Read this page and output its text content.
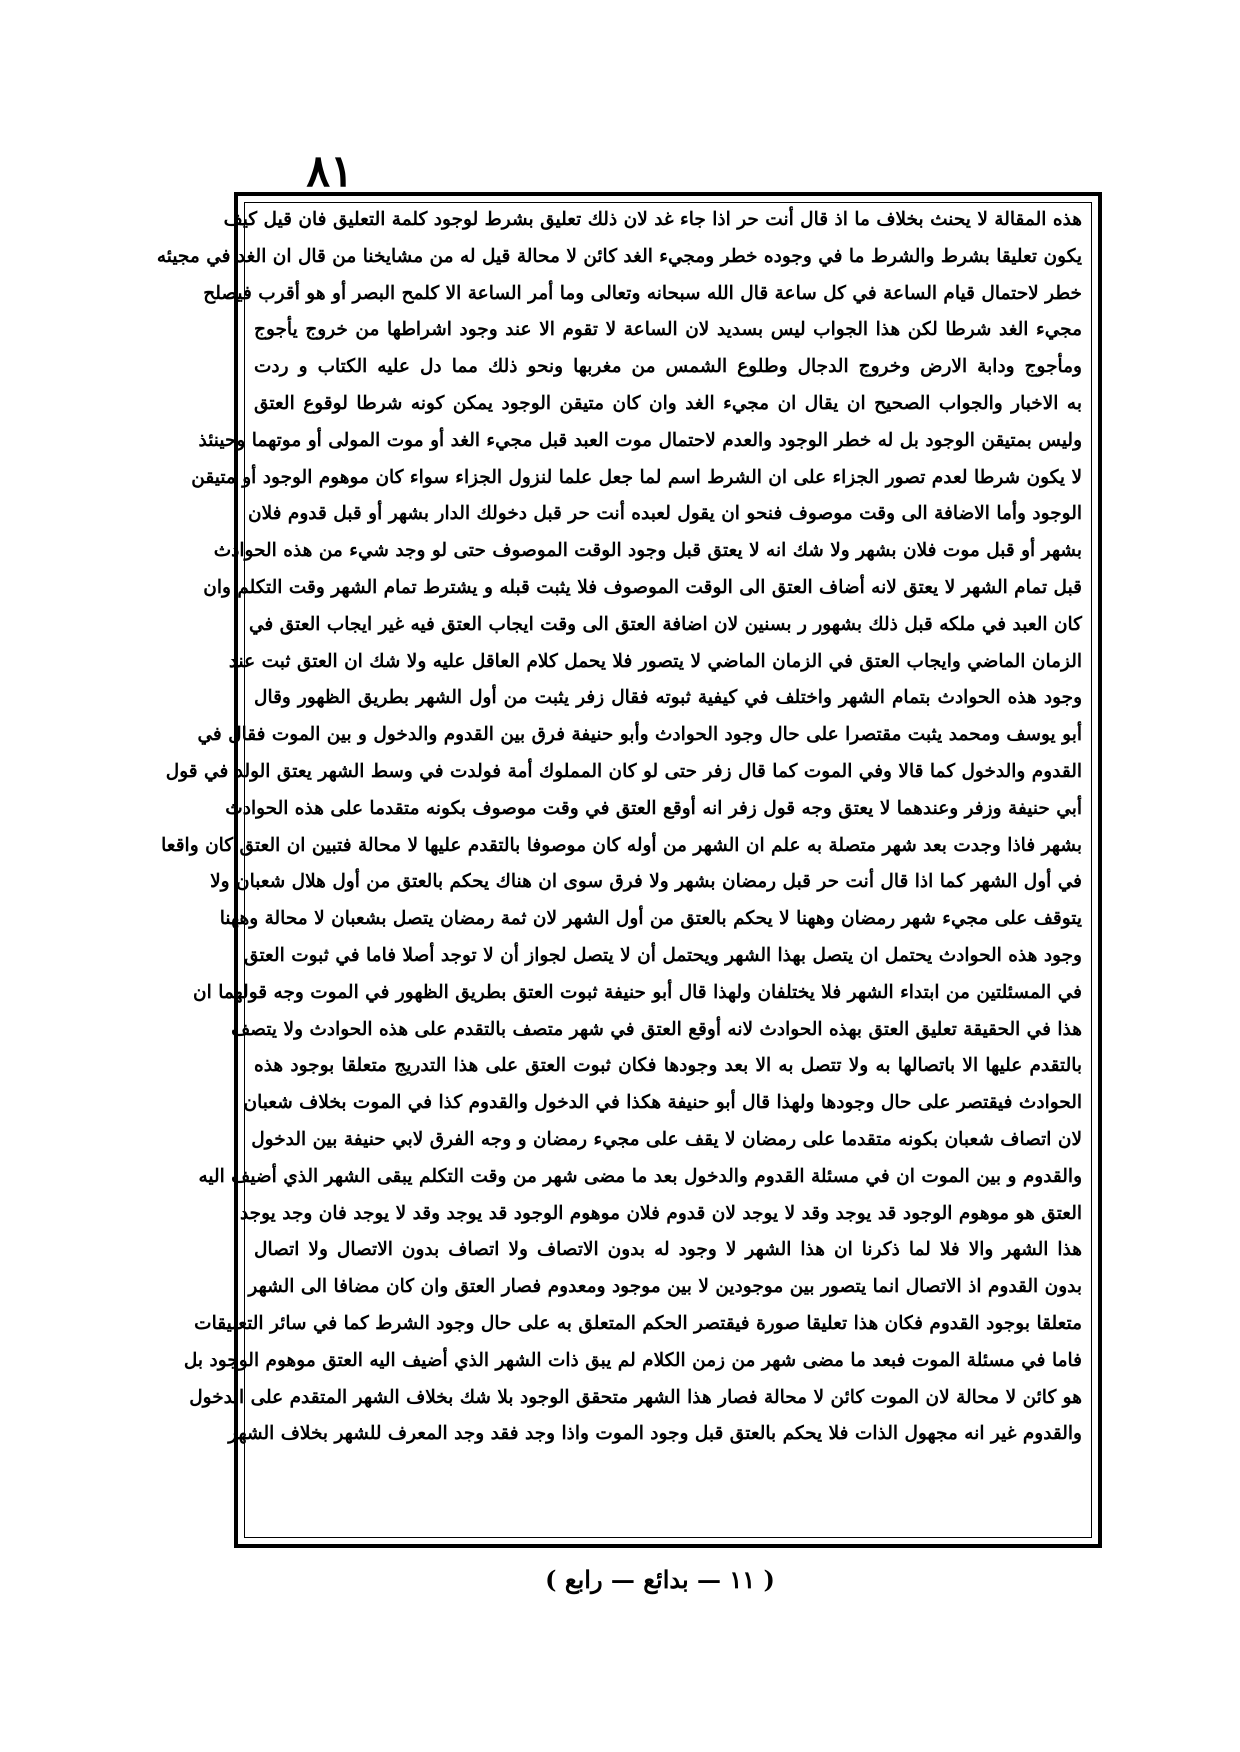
٨١
هذه المقالة لا يحنث بخلاف ما اذ قال أنت حر اذا جاء غد لان ذلك تعليق بشرط لوجود كلمة التعليق فان قيل كيف
يكون تعليقا بشرط والشرط ما في وجوده خطر ومجيء الغد كائن لا محالة قيل له من مشايخنا من قال ان الغد في مجيئه
خطر لاحتمال قيام الساعة في كل ساعة قال الله سبحانه وتعالى وما أمر الساعة الا كلمح البصر أو هو أقرب فيصلح
مجيء الغد شرطا لكن هذا الجواب ليس بسديد لان الساعة لا تقوم الا عند وجود اشراطها من خروج يأجوج
ومأجوج ودابة الارض وخروج الدجال وطلوع الشمس من مغربها ونحو ذلك مما دل عليه الكتاب و ردت
به الاخبار والجواب الصحيح ان يقال ان مجيء الغد وان كان متيقن الوجود يمكن كونه شرطا لوقوع العتق
وليس بمتيقن الوجود بل له خطر الوجود والعدم لاحتمال موت العبد قبل مجيء الغد أو موت المولى أو موتهما وحينئذ
لا يكون شرطا لعدم تصور الجزاء على ان الشرط اسم لما جعل علما لنزول الجزاء سواء كان موهوم الوجود أو متيقن
الوجود وأما الاضافة الى وقت موصوف فنحو ان يقول لعبده أنت حر قبل دخولك الدار بشهر أو قبل قدوم فلان
بشهر أو قبل موت فلان بشهر ولا شك انه لا يعتق قبل وجود الوقت الموصوف حتى لو وجد شيء من هذه الحوادث
قبل تمام الشهر لا يعتق لانه أضاف العتق الى الوقت الموصوف فلا يثبت قبله و يشترط تمام الشهر وقت التكلم وان
كان العبد في ملكه قبل ذلك بشهور ر بسنين لان اضافة العتق الى وقت ايجاب العتق فيه غير ايجاب العتق في
الزمان الماضي وايجاب العتق في الزمان الماضي لا يتصور فلا يحمل كلام العاقل عليه ولا شك ان العتق ثبت عند
وجود هذه الحوادث بتمام الشهر واختلف في كيفية ثبوته فقال زفر يثبت من أول الشهر بطريق الظهور وقال
أبو يوسف ومحمد يثبت مقتصرا على حال وجود الحوادث وأبو حنيفة فرق بين القدوم والدخول و بين الموت فقال في
القدوم والدخول كما قالا وفي الموت كما قال زفر حتى لو كان المملوك أمة فولدت في وسط الشهر يعتق الولد في قول
أبي حنيفة وزفر وعندهما لا يعتق وجه قول زفر انه أوقع العتق في وقت موصوف بكونه متقدما على هذه الحوادث
بشهر فاذا وجدت بعد شهر متصلة به علم ان الشهر من أوله كان موصوفا بالتقدم عليها لا محالة فتبين ان العتق كان واقعا
في أول الشهر كما اذا قال أنت حر قبل رمضان بشهر ولا فرق سوى ان هناك يحكم بالعتق من أول هلال شعبان ولا
يتوقف على مجيء شهر رمضان وههنا لا يحكم بالعتق من أول الشهر لان ثمة رمضان يتصل بشعبان لا محالة وههنا
وجود هذه الحوادث يحتمل ان يتصل بهذا الشهر ويحتمل أن لا يتصل لجواز أن لا توجد أصلا فاما في ثبوت العتق
في المسئلتين من ابتداء الشهر فلا يختلفان ولهذا قال أبو حنيفة ثبوت العتق بطريق الظهور في الموت وجه قولهما ان
هذا في الحقيقة تعليق العتق بهذه الحوادث لانه أوقع العتق في شهر متصف بالتقدم على هذه الحوادث ولا يتصف
بالتقدم عليها الا باتصالها به ولا تتصل به الا بعد وجودها فكان ثبوت العتق على هذا التدريج متعلقا بوجود هذه
الحوادث فيقتصر على حال وجودها ولهذا قال أبو حنيفة هكذا في الدخول والقدوم كذا في الموت بخلاف شعبان
لان اتصاف شعبان بكونه متقدما على رمضان لا يقف على مجيء رمضان و وجه الفرق لابي حنيفة بين الدخول
والقدوم و بين الموت ان في مسئلة القدوم والدخول بعد ما مضى شهر من وقت التكلم يبقى الشهر الذي أضيف اليه
العتق هو موهوم الوجود قد يوجد وقد لا يوجد لان قدوم فلان موهوم الوجود قد يوجد وقد لا يوجد فان وجد يوجد
هذا الشهر والا فلا لما ذكرنا ان هذا الشهر لا وجود له بدون الاتصاف ولا اتصاف بدون الاتصال ولا اتصال
بدون القدوم اذ الاتصال انما يتصور بين موجودين لا بين موجود ومعدوم فصار العتق وان كان مضافا الى الشهر
متعلقا بوجود القدوم فكان هذا تعليقا صورة فيقتصر الحكم المتعلق به على حال وجود الشرط كما في سائر التعليقات
فاما في مسئلة الموت فبعد ما مضى شهر من زمن الكلام لم يبق ذات الشهر الذي أضيف اليه العتق موهوم الوجود بل
هو كائن لا محالة لان الموت كائن لا محالة فصار هذا الشهر متحقق الوجود بلا شك بخلاف الشهر المتقدم على الدخول
والقدوم غير انه مجهول الذات فلا يحكم بالعتق قبل وجود الموت واذا وجد فقد وجد المعرف للشهر بخلاف الشهر
( ١١ — بدائع — رابع )
